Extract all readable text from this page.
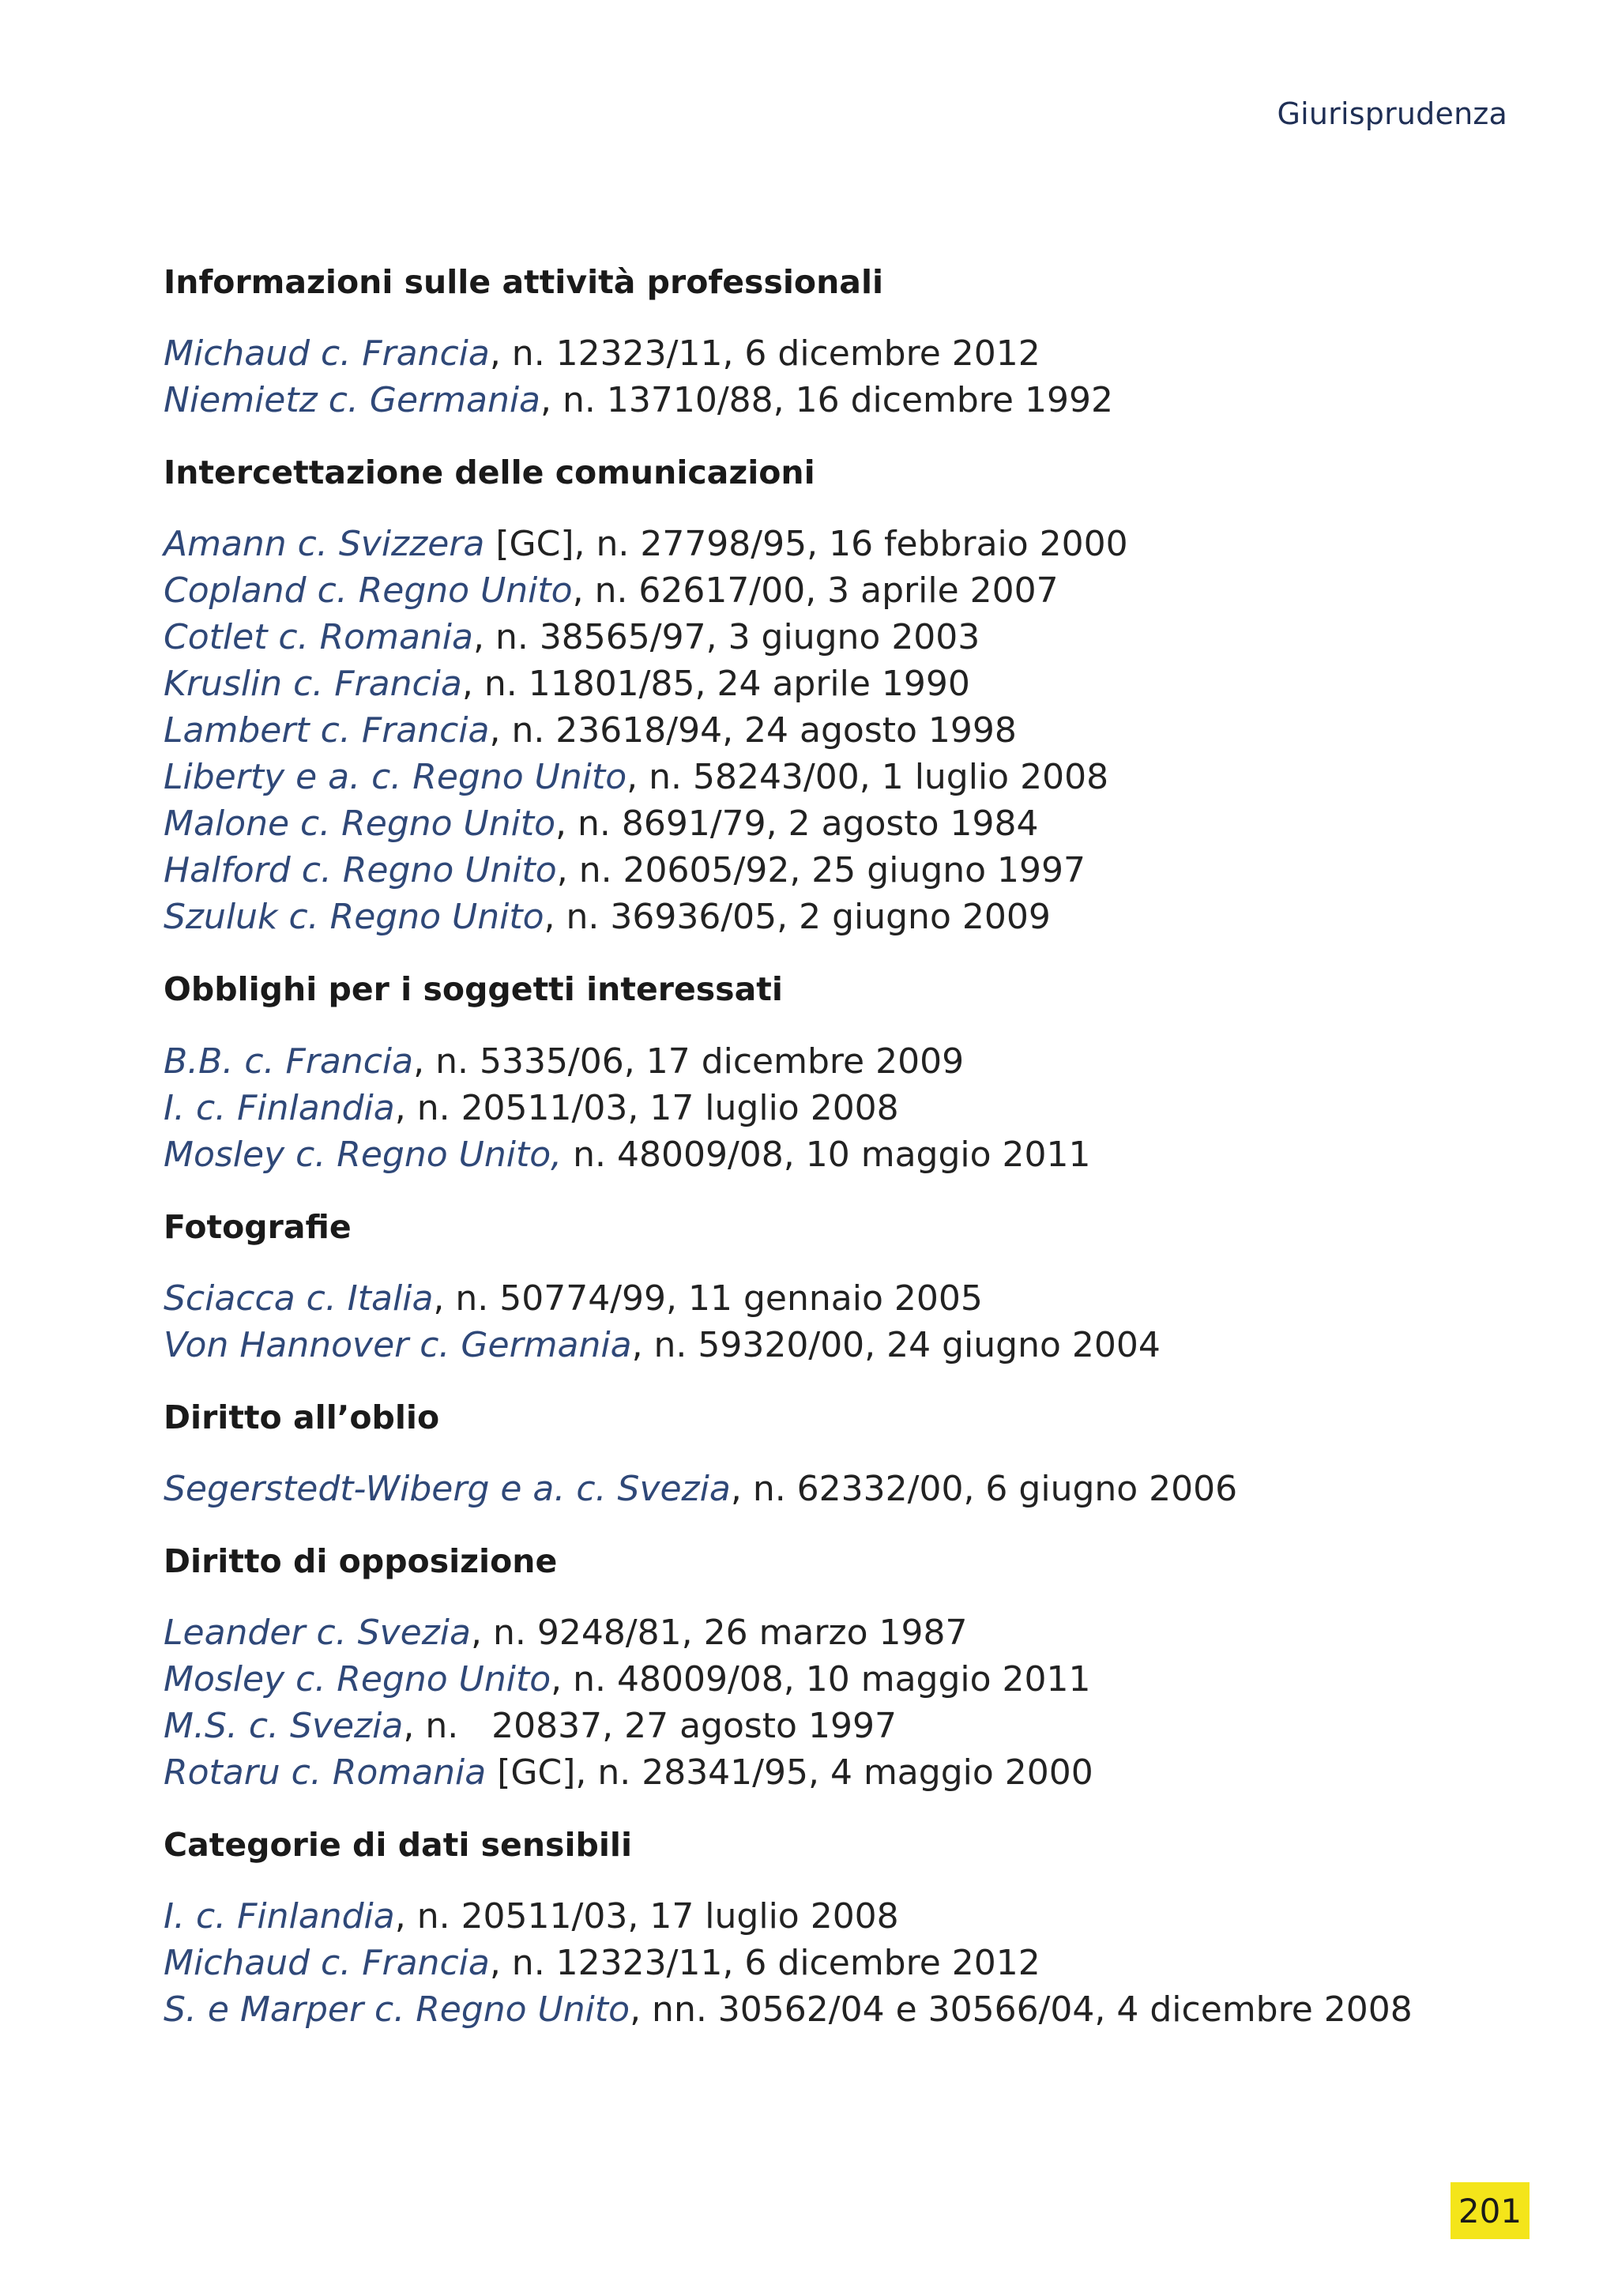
Giurisprudenza
Informazioni sulle attività professionali
Michaud c. Francia, n. 12323/11, 6 dicembre 2012
Niemietz c. Germania, n. 13710/88, 16 dicembre 1992
Intercettazione delle comunicazioni
Amann c. Svizzera [GC], n. 27798/95, 16 febbraio 2000
Copland c. Regno Unito, n. 62617/00, 3 aprile 2007
Cotlet c. Romania, n. 38565/97, 3 giugno 2003
Kruslin c. Francia, n. 11801/85, 24 aprile 1990
Lambert c. Francia, n. 23618/94, 24 agosto 1998
Liberty e a. c. Regno Unito, n. 58243/00, 1 luglio 2008
Malone c. Regno Unito, n. 8691/79, 2 agosto 1984
Halford c. Regno Unito, n. 20605/92, 25 giugno 1997
Szuluk c. Regno Unito, n. 36936/05, 2 giugno 2009
Obblighi per i soggetti interessati
B.B. c. Francia, n. 5335/06, 17 dicembre 2009
I. c. Finlandia, n. 20511/03, 17 luglio 2008
Mosley c. Regno Unito, n. 48009/08, 10 maggio 2011
Fotografie
Sciacca c. Italia, n. 50774/99, 11 gennaio 2005
Von Hannover c. Germania, n. 59320/00, 24 giugno 2004
Diritto all’oblio
Segerstedt-Wiberg e a. c. Svezia, n. 62332/00, 6 giugno 2006
Diritto di opposizione
Leander c. Svezia, n. 9248/81, 26 marzo 1987
Mosley c. Regno Unito, n. 48009/08, 10 maggio 2011
M.S. c. Svezia, n.   20837, 27 agosto 1997
Rotaru c. Romania [GC], n. 28341/95, 4 maggio 2000
Categorie di dati sensibili
I. c. Finlandia, n. 20511/03, 17 luglio 2008
Michaud c. Francia, n. 12323/11, 6 dicembre 2012
S. e Marper c. Regno Unito, nn. 30562/04 e 30566/04, 4 dicembre 2008
201
